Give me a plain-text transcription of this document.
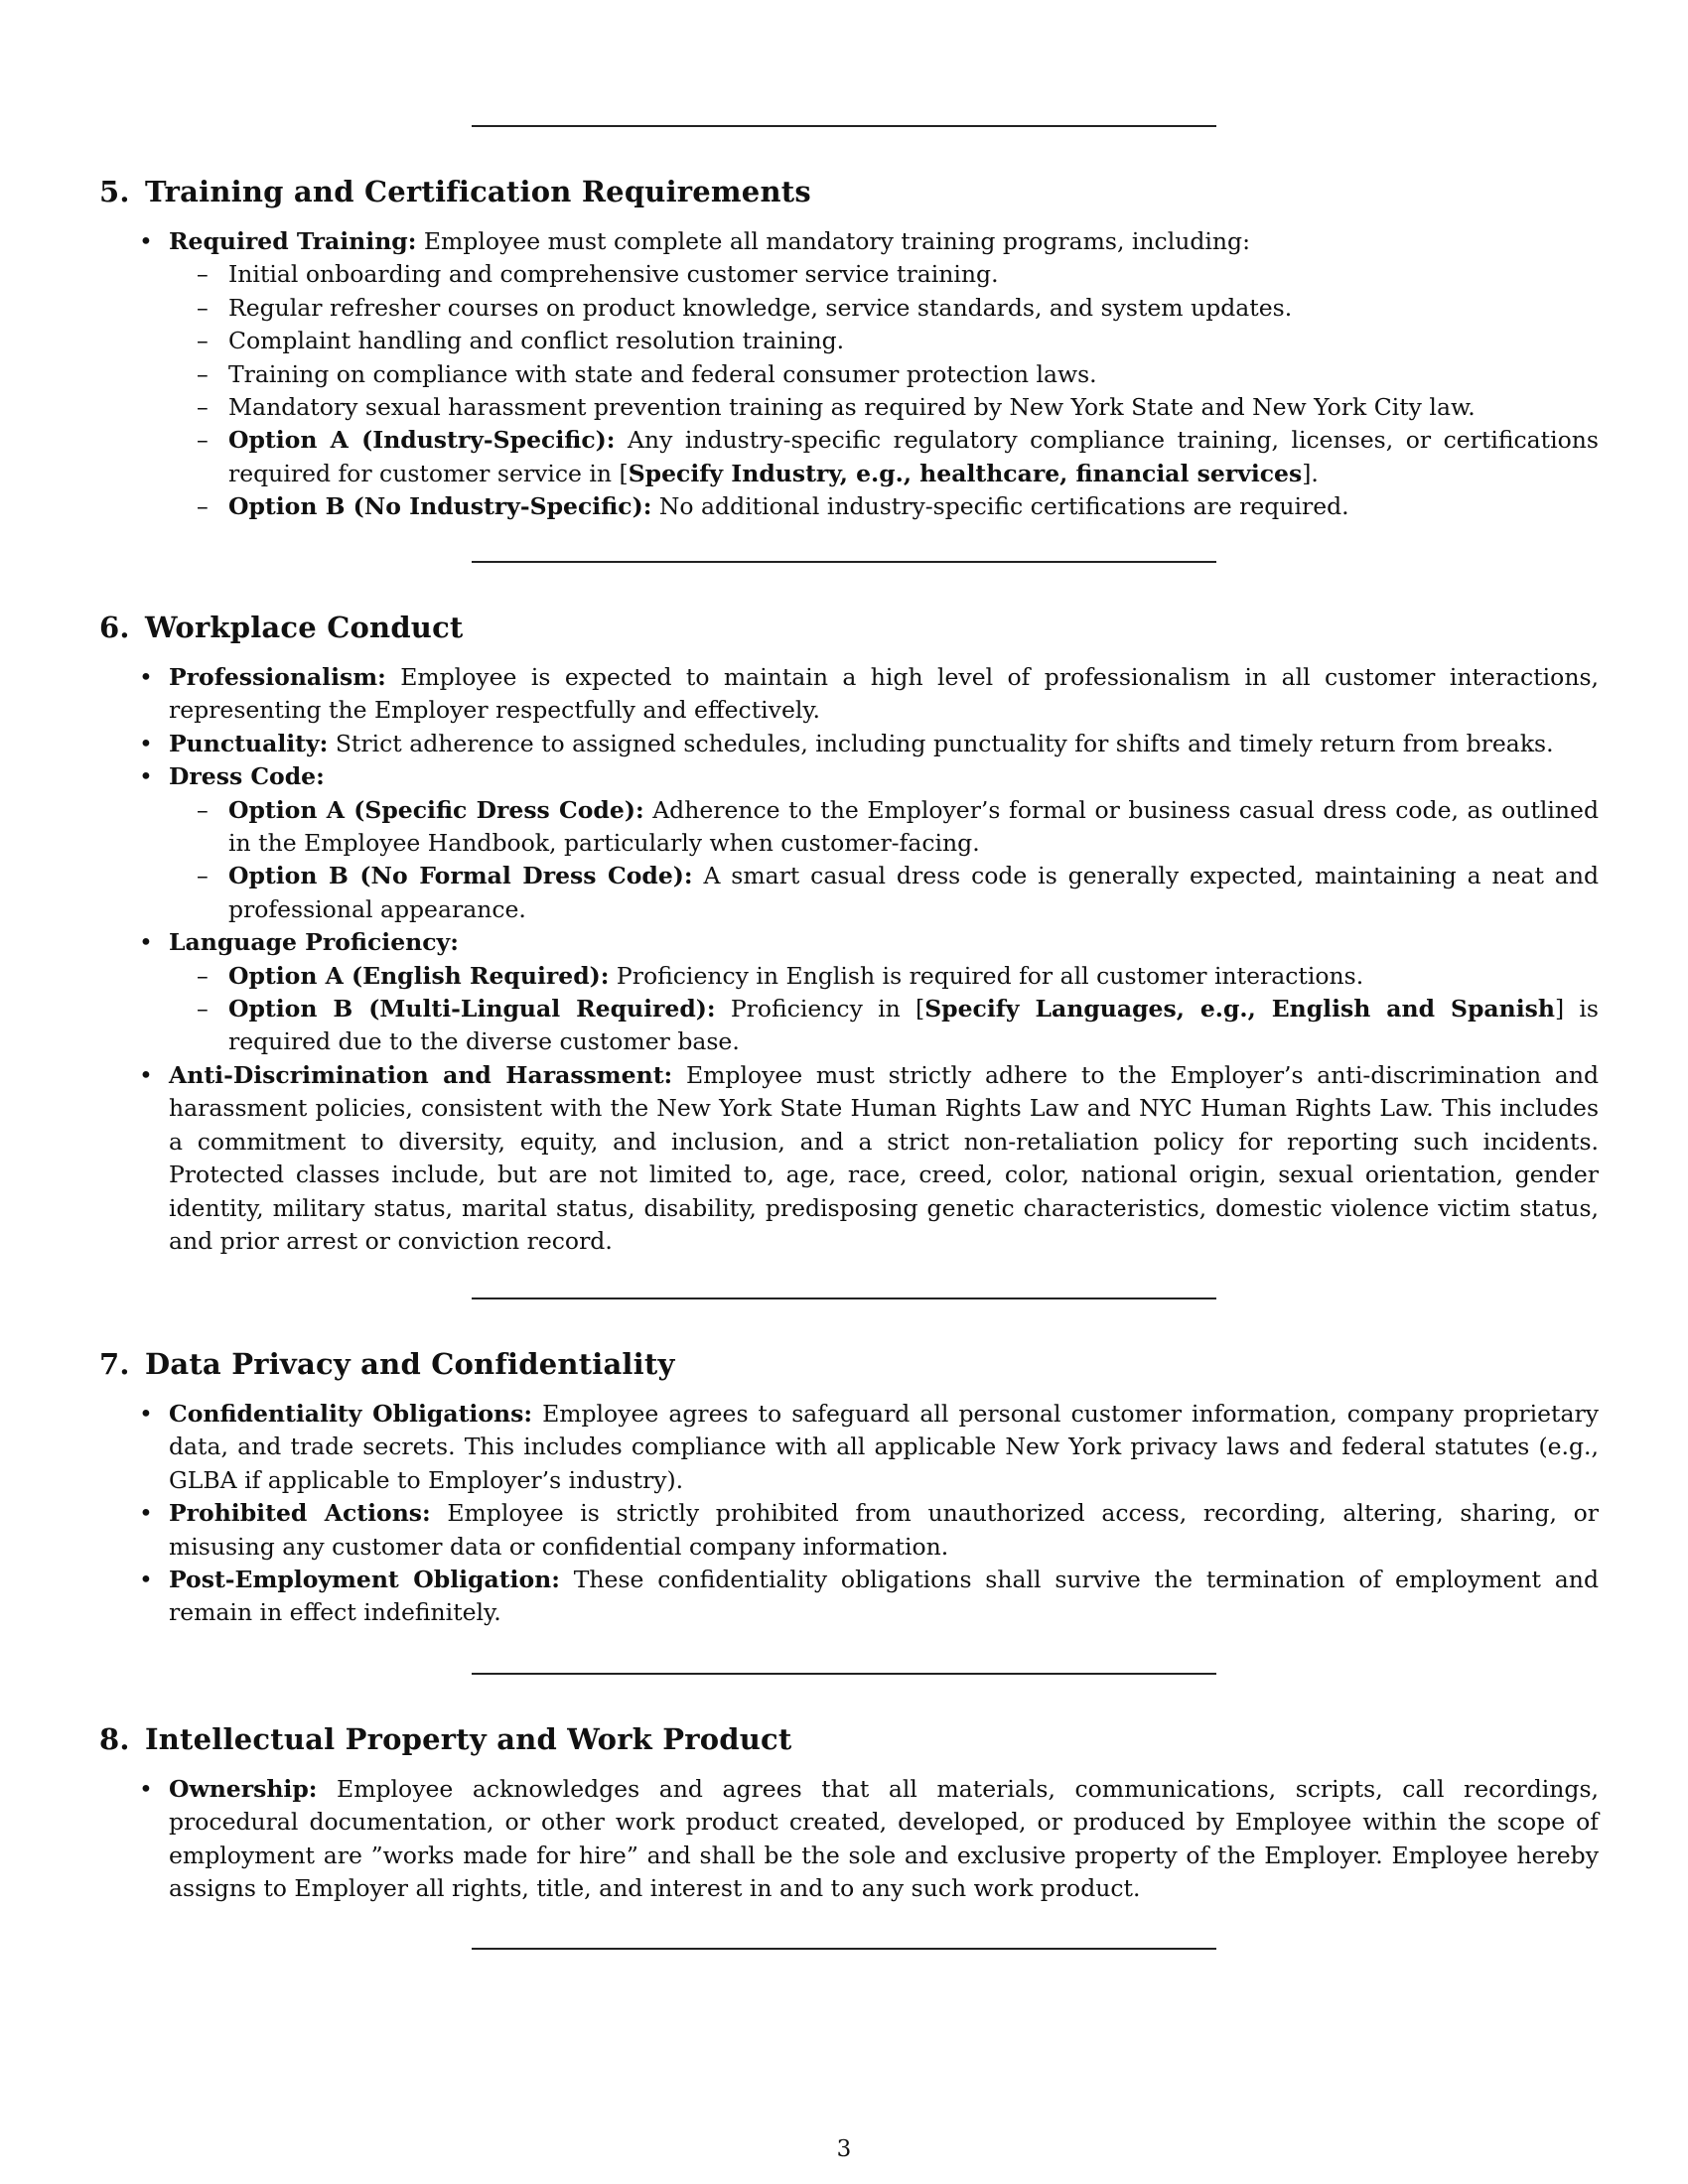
5. Training and Certification Requirements
• Required Training: Employee must complete all mandatory training programs, including:
– Initial onboarding and comprehensive customer service training.
– Regular refresher courses on product knowledge, service standards, and system updates.
– Complaint handling and conflict resolution training.
– Training on compliance with state and federal consumer protection laws.
– Mandatory sexual harassment prevention training as required by New York State and New York City law.
– Option A (Industry-Specific): Any industry-specific regulatory compliance training, licenses, or certifications required for customer service in [Specify Industry, e.g., healthcare, financial services].
– Option B (No Industry-Specific): No additional industry-specific certifications are required.
6. Workplace Conduct
• Professionalism: Employee is expected to maintain a high level of professionalism in all customer interactions, representing the Employer respectfully and effectively.
• Punctuality: Strict adherence to assigned schedules, including punctuality for shifts and timely return from breaks.
• Dress Code:
– Option A (Specific Dress Code): Adherence to the Employer’s formal or business casual dress code, as outlined in the Employee Handbook, particularly when customer-facing.
– Option B (No Formal Dress Code): A smart casual dress code is generally expected, maintaining a neat and professional appearance.
• Language Proficiency:
– Option A (English Required): Proficiency in English is required for all customer interactions.
– Option B (Multi-Lingual Required): Proficiency in [Specify Languages, e.g., English and Spanish] is required due to the diverse customer base.
• Anti-Discrimination and Harassment: Employee must strictly adhere to the Employer’s anti-discrimination and harassment policies, consistent with the New York State Human Rights Law and NYC Human Rights Law. This includes a commitment to diversity, equity, and inclusion, and a strict non-retaliation policy for reporting such incidents. Protected classes include, but are not limited to, age, race, creed, color, national origin, sexual orientation, gender identity, military status, marital status, disability, predisposing genetic characteristics, domestic violence victim status, and prior arrest or conviction record.
7. Data Privacy and Confidentiality
• Confidentiality Obligations: Employee agrees to safeguard all personal customer information, company proprietary data, and trade secrets. This includes compliance with all applicable New York privacy laws and federal statutes (e.g., GLBA if applicable to Employer’s industry).
• Prohibited Actions: Employee is strictly prohibited from unauthorized access, recording, altering, sharing, or misusing any customer data or confidential company information.
• Post-Employment Obligation: These confidentiality obligations shall survive the termination of employment and remain in effect indefinitely.
8. Intellectual Property and Work Product
• Ownership: Employee acknowledges and agrees that all materials, communications, scripts, call recordings, procedural documentation, or other work product created, developed, or produced by Employee within the scope of employment are ”works made for hire” and shall be the sole and exclusive property of the Employer. Employee hereby assigns to Employer all rights, title, and interest in and to any such work product.
3
